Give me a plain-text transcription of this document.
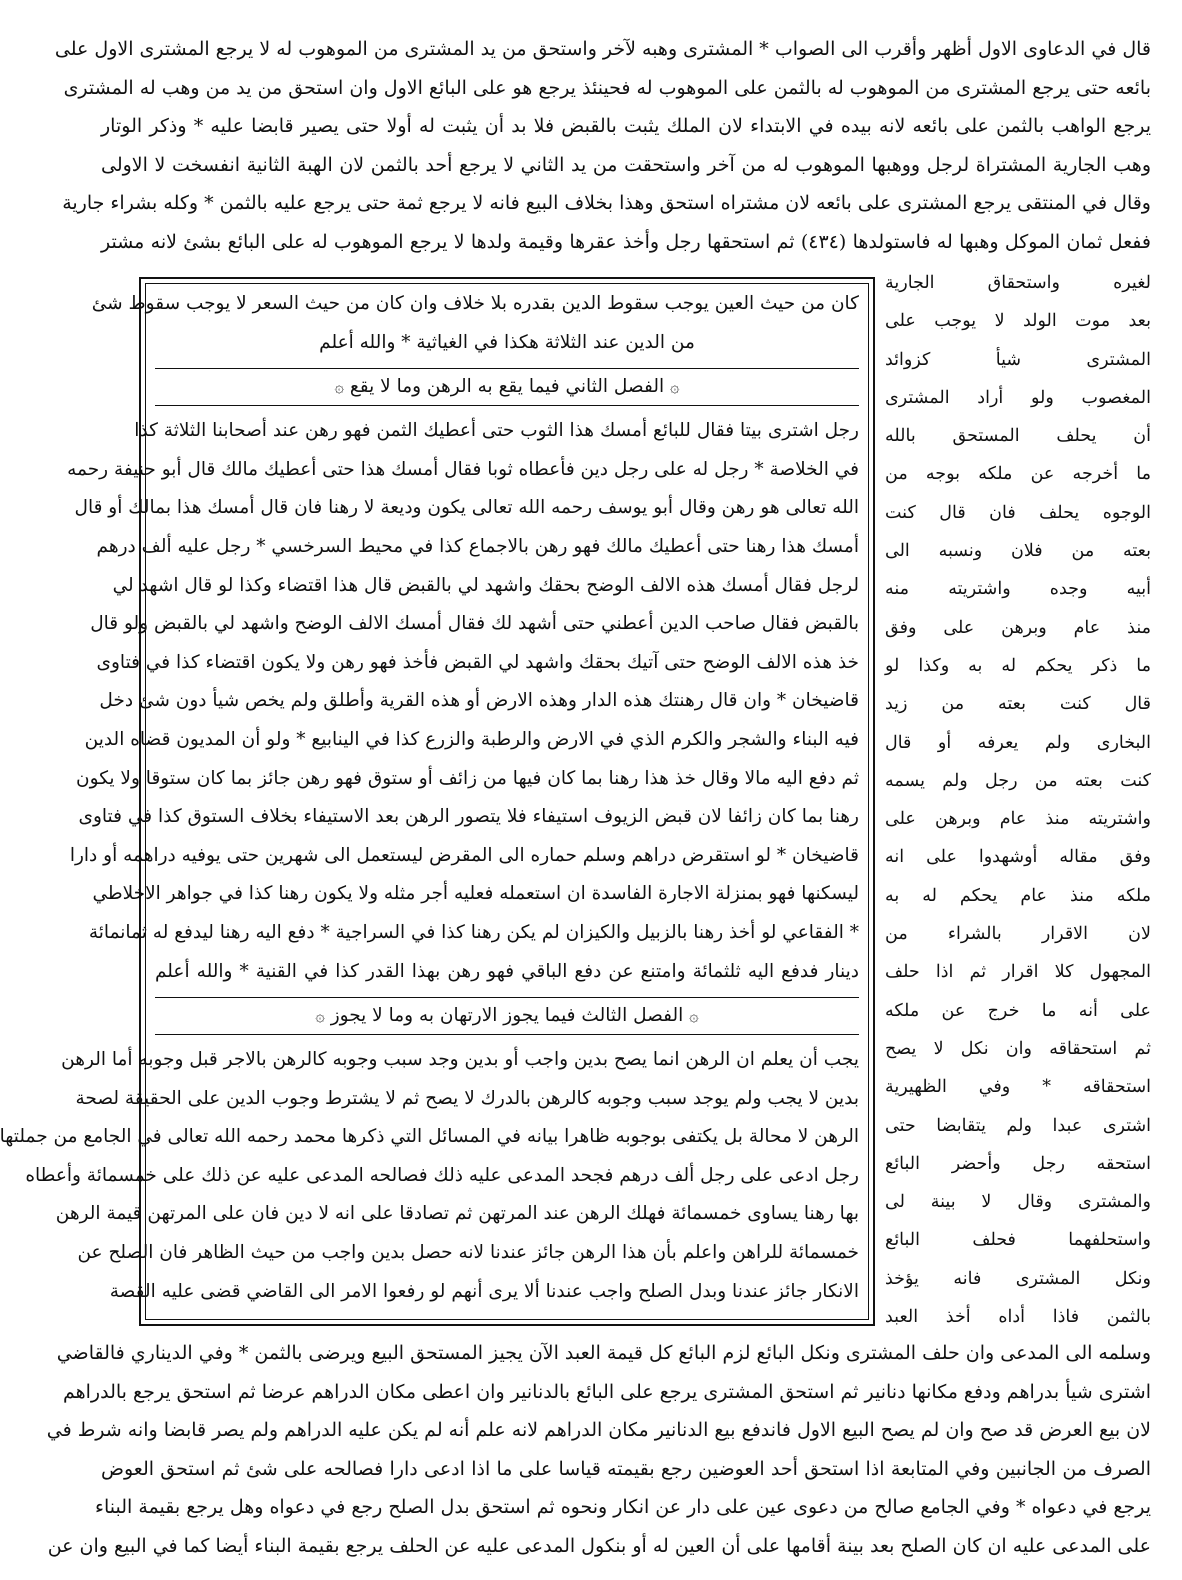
قال في الدعاوى الاول أظهر وأقرب الى الصواب * المشترى وهبه لآخر واستحق من يد المشترى من الموهوب له لا يرجع المشترى الاول على

بائعه حتى يرجع المشترى من الموهوب له بالثمن على الموهوب له فحينئذ يرجع هو على البائع الاول وان استحق من يد من وهب له المشترى

يرجع الواهب بالثمن على بائعه لانه بيده في الابتداء لان الملك يثبت بالقبض فلا بد أن يثبت له أولا حتى يصير قابضا عليه * وذكر الوتار

وهب الجارية المشتراة لرجل ووهبها الموهوب له من آخر واستحقت من يد الثاني لا يرجع أحد بالثمن لان الهبة الثانية انفسخت لا الاولى

وقال في المنتقى يرجع المشترى على بائعه لان مشتراه استحق وهذا بخلاف البيع فانه لا يرجع ثمة حتى يرجع عليه بالثمن * وكله بشراء جارية

ففعل ثمان الموكل وهبها له فاستولدها (٤٣٤) ثم استحقها رجل وأخذ عقرها وقيمة ولدها لا يرجع الموهوب له على البائع بشئ لانه مشتر

لغيره واستحقاق الجارية

بعد موت الولد لا يوجب على

المشترى شيأ كزوائد

المغصوب ولو أراد المشترى

أن يحلف المستحق بالله

ما أخرجه عن ملكه بوجه من

الوجوه يحلف فان قال كنت

بعته من فلان ونسبه الى

أبيه وجده واشتريته منه

منذ عام وبرهن على وفق

ما ذكر يحكم له به وكذا لو

قال كنت بعته من زيد

البخارى ولم يعرفه أو قال

كنت بعته من رجل ولم يسمه

واشتريته منذ عام وبرهن على

وفق مقاله أوشهدوا على انه

ملكه منذ عام يحكم له به

لان الاقرار بالشراء من

المجهول كلا اقرار ثم اذا حلف

على أنه ما خرج عن ملكه

ثم استحقاقه وان نكل لا يصح

استحقاقه * وفي الظهيرية

اشترى عبدا ولم يتقابضا حتى

استحقه رجل وأحضر البائع

والمشترى وقال لا بينة لى

واستحلفهما فحلف البائع

ونكل المشترى فانه يؤخذ

بالثمن فاذا أداه أخذ العبد

كان من حيث العين يوجب سقوط الدين بقدره بلا خلاف وان كان من حيث السعر لا يوجب سقوط شئ

من الدين عند الثلاثة هكذا في الغياثية * والله أعلم

۞الفصل الثاني فيما يقع به الرهن وما لا يقع۞

رجل اشترى بيتا فقال للبائع أمسك هذا الثوب حتى أعطيك الثمن فهو رهن عند أصحابنا الثلاثة كذا

في الخلاصة * رجل له على رجل دين فأعطاه ثوبا فقال أمسك هذا حتى أعطيك مالك قال أبو حنيفة رحمه

الله تعالى هو رهن وقال أبو يوسف رحمه الله تعالى يكون وديعة لا رهنا فان قال أمسك هذا بمالك أو قال

أمسك هذا رهنا حتى أعطيك مالك فهو رهن بالاجماع كذا في محيط السرخسي * رجل عليه ألف درهم

لرجل فقال أمسك هذه الالف الوضح بحقك واشهد لي بالقبض قال هذا اقتضاء وكذا لو قال اشهد لي

بالقبض فقال صاحب الدين أعطني حتى أشهد لك فقال أمسك الالف الوضح واشهد لي بالقبض ولو قال

خذ هذه الالف الوضح حتى آتيك بحقك واشهد لي القبض فأخذ فهو رهن ولا يكون اقتضاء كذا في فتاوى

قاضيخان * وان قال رهنتك هذه الدار وهذه الارض أو هذه القرية وأطلق ولم يخص شيأ دون شئ دخل

فيه البناء والشجر والكرم الذي في الارض والرطبة والزرع كذا في الينابيع * ولو أن المديون قضاه الدين

ثم دفع اليه مالا وقال خذ هذا رهنا بما كان فيها من زائف أو ستوق فهو رهن جائز بما كان ستوقا ولا يكون

رهنا بما كان زائفا لان قبض الزيوف استيفاء فلا يتصور الرهن بعد الاستيفاء بخلاف الستوق كذا في فتاوى

قاضيخان * لو استقرض دراهم وسلم حماره الى المقرض ليستعمل الى شهرين حتى يوفيه دراهمه أو دارا

ليسكنها فهو بمنزلة الاجارة الفاسدة ان استعمله فعليه أجر مثله ولا يكون رهنا كذا في جواهر الاخلاطي

* الفقاعي لو أخذ رهنا بالزبيل والكيزان لم يكن رهنا كذا في السراجية * دفع اليه رهنا ليدفع له ثمانمائة

دينار فدفع اليه ثلثمائة وامتنع عن دفع الباقي فهو رهن بهذا القدر كذا في القنية * والله أعلم

۞الفصل الثالث فيما يجوز الارتهان به وما لا يجوز۞

يجب أن يعلم ان الرهن انما يصح بدين واجب أو بدين وجد سبب وجوبه كالرهن بالاجر قبل وجوبه أما الرهن

بدين لا يجب ولم يوجد سبب وجوبه كالرهن بالدرك لا يصح ثم لا يشترط وجوب الدين على الحقيقة لصحة

الرهن لا محالة بل يكتفى بوجوبه ظاهرا بيانه في المسائل التي ذكرها محمد رحمه الله تعالى في الجامع من جملتها

رجل ادعى على رجل ألف درهم فجحد المدعى عليه ذلك فصالحه المدعى عليه عن ذلك على خمسمائة وأعطاه

بها رهنا يساوى خمسمائة فهلك الرهن عند المرتهن ثم تصادقا على انه لا دين فان على المرتهن قيمة الرهن

خمسمائة للراهن واعلم بأن هذا الرهن جائز عندنا لانه حصل بدين واجب من حيث الظاهر فان الصلح عن

الانكار جائز عندنا وبدل الصلح واجب عندنا ألا يرى أنهم لو رفعوا الامر الى القاضي قضى عليه القصة

وسلمه الى المدعى وان حلف المشترى ونكل البائع لزم البائع كل قيمة العبد الآن يجيز المستحق البيع ويرضى بالثمن * وفي الديناري فالقاضي

اشترى شيأ بدراهم ودفع مكانها دنانير ثم استحق المشترى يرجع على البائع بالدنانير وان اعطى مكان الدراهم عرضا ثم استحق يرجع بالدراهم

لان بيع العرض قد صح وان لم يصح البيع الاول فاندفع بيع الدنانير مكان الدراهم لانه علم أنه لم يكن عليه الدراهم ولم يصر قابضا وانه شرط في

الصرف من الجانبين وفي المتابعة اذا استحق أحد العوضين رجع بقيمته قياسا على ما اذا ادعى دارا فصالحه على شئ ثم استحق العوض

يرجع في دعواه * وفي الجامع صالح من دعوى عين على دار عن انكار ونحوه ثم استحق بدل الصلح رجع في دعواه وهل يرجع بقيمة البناء

على المدعى عليه ان كان الصلح بعد بينة أقامها على أن العين له أو بنكول المدعى عليه عن الحلف يرجع بقيمة البناء أيضا كما في البيع وان عن
